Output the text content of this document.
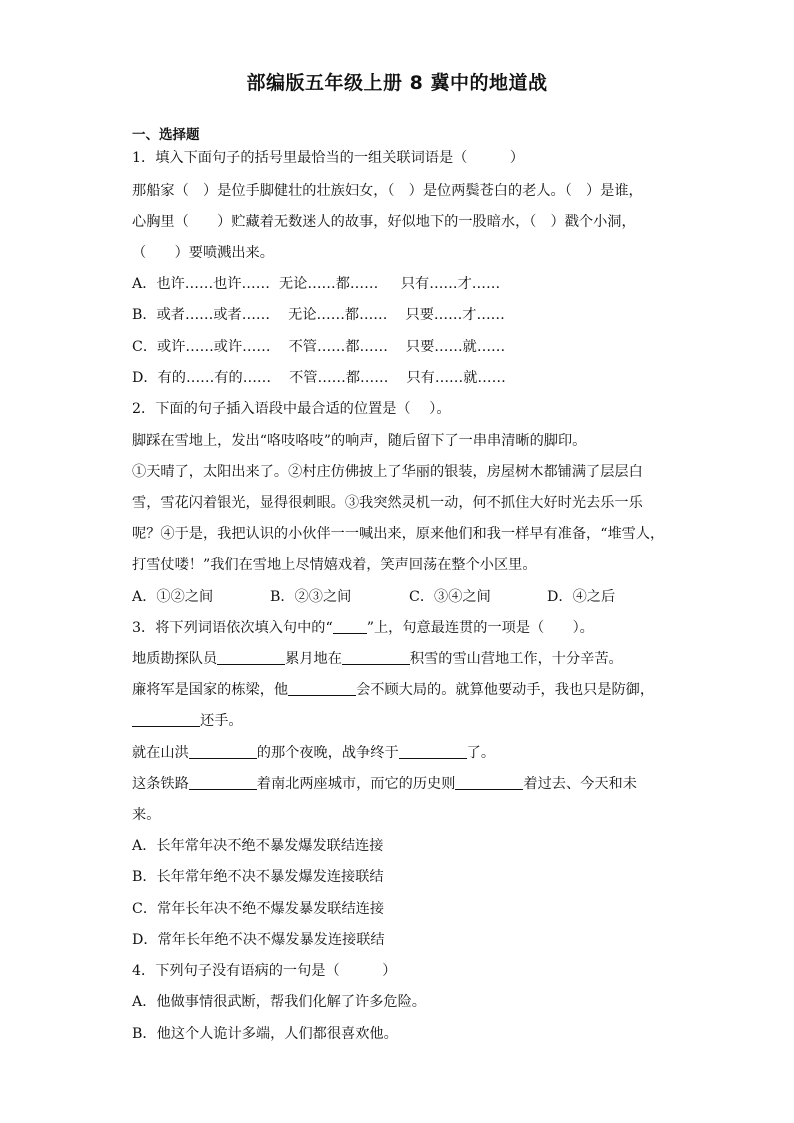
部编版五年级上册 8 冀中的地道战
一、选择题
1．填入下面句子的括号里最恰当的一组关联词语是（　　　）
那船家（　）是位手脚健壮的壮族妇女，（　）是位两鬓苍白的老人。（　）是谁，
心胸里（　　）贮藏着无数迷人的故事，好似地下的一股暗水，（　）戳个小洞，
（　　）要喷溅出来。
A．也许……也许……  无论……都……     只有……才……
B．或者……或者……    无论……都……    只要……才……
C．或许……或许……    不管……都……    只要……就……
D．有的……有的……    不管……都……    只有……就……
2．下面的句子插入语段中最合适的位置是（　 ）。
脚踩在雪地上，发出“咯吱咯吱”的响声，随后留下了一串串清晰的脚印。
①天晴了，太阳出来了。②村庄仿佛披上了华丽的银装，房屋树木都铺满了层层白
雪，雪花闪着银光，显得很刺眼。③我突然灵机一动，何不抓住大好时光去乐一乐
呢？④于是，我把认识的小伙伴一一喊出来，原来他们和我一样早有准备，“堆雪人，
打雪仗喽！”我们在雪地上尽情嬉戏着，笑声回荡在整个小区里。
A．①②之间	B．②③之间	C．③④之间	D．④之后
3．将下列词语依次填入句中的“ ”上，句意最连贯的一项是（　　）。
地质勘探队员	累月地在	积雪的雪山营地工作，十分辛苦。
廉将军是国家的栋梁，他	会不顾大局的。就算他要动手，我也只是防御，
还手。
就在山洪	的那个夜晚，战争终于	了。
这条铁路	着南北两座城市，而它的历史则	着过去、今天和未
来。
A．长年常年决不绝不暴发爆发联结连接
B．长年常年绝不决不暴发爆发连接联结
C．常年长年决不绝不爆发暴发联结连接
D．常年长年绝不决不爆发暴发连接联结
4．下列句子没有语病的一句是（　　　）
A．他做事情很武断，帮我们化解了许多危险。
B．他这个人诡计多端，人们都很喜欢他。
